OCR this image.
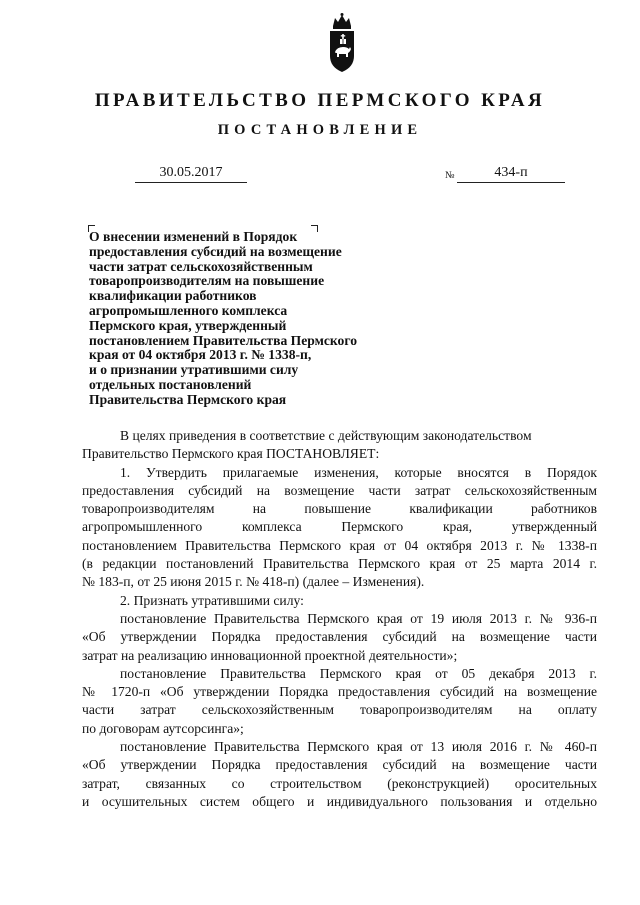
ПРАВИТЕЛЬСТВО ПЕРМСКОГО КРАЯ
ПОСТАНОВЛЕНИЕ
30.05.2017	№	434-п
О внесении изменений в Порядок
предоставления субсидий на возмещение
части затрат сельскохозяйственным
товаропроизводителям на повышение
квалификации работников
агропромышленного комплекса
Пермского края, утвержденный
постановлением Правительства Пермского
края от 04 октября 2013 г. № 1338-п,
и о признании утратившими силу
отдельных постановлений
Правительства Пермского края
В целях приведения в соответствие с действующим законодательством
Правительство Пермского края ПОСТАНОВЛЯЕТ:
1. Утвердить прилагаемые изменения, которые вносятся в Порядок
предоставления субсидий на возмещение части затрат сельскохозяйственным
товаропроизводителям на повышение квалификации работников
агропромышленного комплекса Пермского края, утвержденный
постановлением Правительства Пермского края от 04 октября 2013 г. № 1338-п
(в редакции постановлений Правительства Пермского края от 25 марта 2014 г.
№ 183-п, от 25 июня 2015 г. № 418-п) (далее – Изменения).
2. Признать утратившими силу:
постановление Правительства Пермского края от 19 июля 2013 г. № 936-п
«Об утверждении Порядка предоставления субсидий на возмещение части
затрат на реализацию инновационной проектной деятельности»;
постановление Правительства Пермского края от 05 декабря 2013 г.
№ 1720-п «Об утверждении Порядка предоставления субсидий на возмещение
части затрат сельскохозяйственным товаропроизводителям на оплату
по договорам аутсорсинга»;
постановление Правительства Пермского края от 13 июля 2016 г. № 460-п
«Об утверждении Порядка предоставления субсидий на возмещение части
затрат, связанных со строительством (реконструкцией) оросительных
и осушительных систем общего и индивидуального пользования и отдельно
